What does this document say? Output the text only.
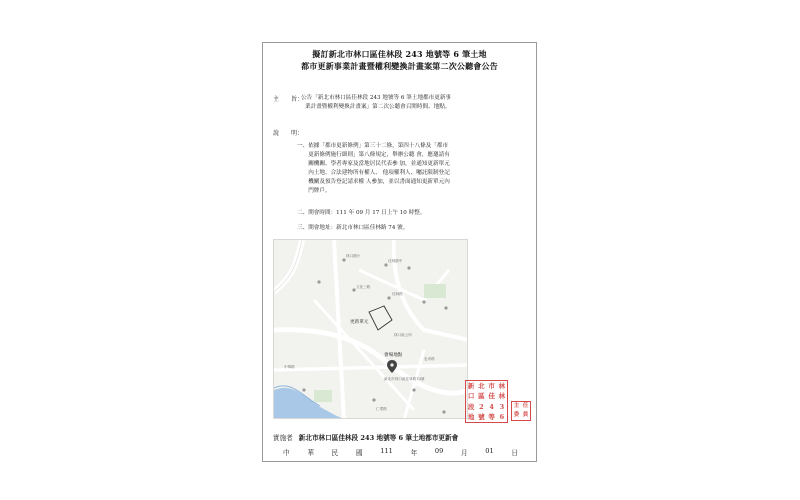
擬訂新北市林口區佳林段 243 地號等 6 筆土地
都市更新事業計畫暨權利變換計畫案第二次公聽會公告
主　　旨：
公告「新北市林口區佳林段 243 地號等 6 筆土地都市更新事
業計畫暨權利變換計畫案」第二次公聽會召開時間、地點。
說　　明：
一、依據「都市更新條例」第三十二條，第四十八條及「都市
　　更新條例施行細則」第八條規定，舉辦公聽 會，應邀請有
　　關機關、學者專家及當地居民代表參 加，並通知更新單元
　　內土地、合法建物所有權人、 他項權利人、囑託限制登記
　　機關及預告登記請求權 人參加，並以書面通知更新單元內
　　門牌戶。
二、開會時間：111 年 09 月 17 日上午 10 時整。
三、開會地址：新北市林口區佳林路 74 號。
林口國小
佳林國中
文化三路
佳林路
林口區公所
中華路
仁愛路
忠孝路
更新單元
會場地點
新北市林口區佳林路74號
新 北 市 林
口 區 佳 林
段 2 4 3
地 號 等 6
主 任
委 員
實施者 新北市林口區佳林段 243 地號等 6 筆土地都市更新會
中	華	民	國	111	年	09	月	01	日
